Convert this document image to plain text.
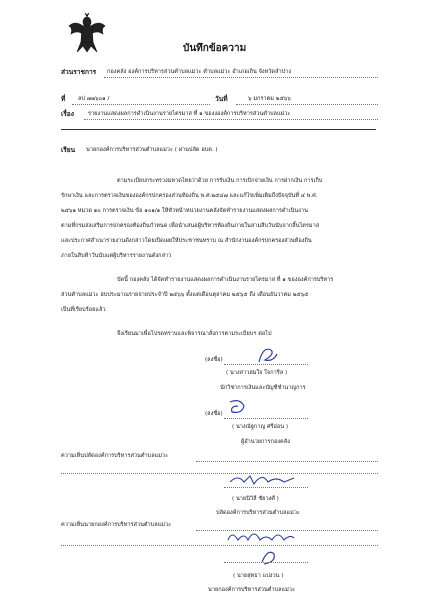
บันทึกข้อความ
ส่วนราชการ กองคลัง องค์การบริหารส่วนตำบลแม่วะ ตำบลแม่วะ อำเภอเถิน จังหวัดลำปาง
ที่ ลป ๗๗๖๐๑ /	วันที่	๖ มกราคม ๒๕๖๖
เรื่อง	รายงานแสดงผลการดำเนินงานรายไตรมาส ที่ ๑ ของงองค์การบริหารส่วนตำบลแม่วะ
เรียน นายกองค์การบริหารส่วนตำบลแม่วะ ( ผ่านปลัด อบต. )
ตามระเบียบกระทรวงมหาดไทยว่าด้วย การรับเงิน การเบิกจ่ายเงิน การฝากเงิน การเก็บ
รักษาเงิน และการตรวจเงินขององค์กรปกครองส่วนท้องถิ่น พ.ศ.๒๕๔๗ และแก้ไขเพิ่มเติมถึงปัจจุบันที่ ๔ พ.ศ.
๒๕๖๑ หมวด ๑๐ การตรวจเงิน ข้อ ๑๐๑/๑ ให้หัวหน้าหน่วยงานคลังจัดทำรายงานแสดงผลการดำเนินงาน
ตามที่กรมส่งเสริมการปกครองท้องถิ่นกำหนด เพื่อนำเสนอผู้บริหารท้องถิ่นภายในสามสิบวันนับจากสิ้นไตรมาส
และประกาศสำเนารายงานดังกล่าวโดยเปิดเผยให้ประชาชนทราบ ณ สำนักงานองค์กรปกครองส่วนท้องถิ่น
ภายในสิบห้าวันนับแต่ผู้บริหารรายงานดังกล่าว
บัดนี้ กองคลัง ได้จัดทำรายงานแสดงผลการดำเนินงานรายไตรมาส ที่ ๑ ขององค์การบริหาร
ส่วนตำบลแม่วะ ฮบประมาณรายจ่ายประจำปี ๒๕๖๖ ตั้งแต่เดือนตุลาคม ๒๕๖๕ ถึง เดือนธันวาคม ๒๕๖๕
เป็นที่เรียบร้อยแล้ว
จึงเรียนมาเพื่อโปรดทราบและพิจารณาสั่งการตามระเบียบฯ ต่อไป
(ลงชื่อ)
( นางสาวสมใจ ใจการีล )
นักวิชาการเงินและบัญชีชำนาญการ
(ลงชื่อ)
( นางณัฐกาญ ศรีอ่อน )
ผู้อำนวยการกองคลัง
ความเห็นปลัดองค์การบริหารส่วนตำบลแม่วะ
( นายนิวิลี ชัยวงศ์ )
ปลัดองค์การบริหารส่วนตำบลแม่วะ
ความเห็นนายกองค์การบริหารส่วนตำบลแม่วะ
( นายสุทธา แปงวน )
นายกองค์การบริหารส่วนตำบลแม่วะ
